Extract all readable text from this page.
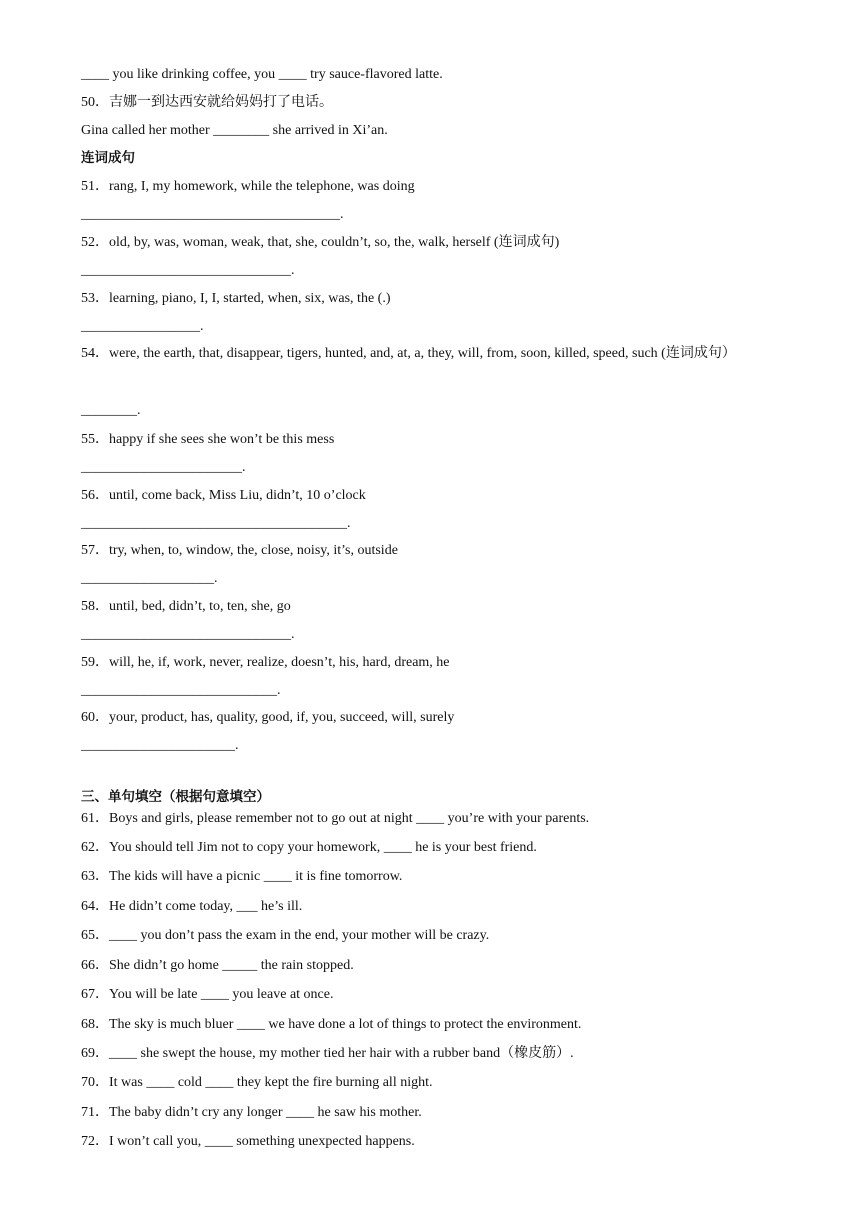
____ you like drinking coffee, you ____ try sauce-flavored latte.
50．吉娜一到达西安就给妈妈打了电话。
Gina called her mother ________ she arrived in Xi’an.
连词成句
51．rang, I, my homework, while the telephone, was doing
_____________________________________.
52．old, by, was, woman, weak, that, she, couldn’t, so, the, walk, herself (连词成句)
______________________________.
53．learning, piano, I, I, started, when, six, was, the (.)
_________________.
54．were, the earth, that, disappear, tigers, hunted, and, at, a, they, will, from, soon, killed, speed, such (连词成句）
________.
55．happy if she sees she won’t be this mess
_______________________.
56．until, come back, Miss Liu, didn’t, 10 o’clock
______________________________________.
57．try, when, to, window, the, close, noisy, it’s, outside
___________________.
58．until, bed, didn’t, to, ten, she, go
______________________________.
59．will, he, if, work, never, realize, doesn’t, his, hard, dream, he
____________________________.
60．your, product, has, quality, good, if, you, succeed, will, surely
______________________.
三、单句填空（根据句意填空）
61．Boys and girls, please remember not to go out at night ____ you’re with your parents.
62．You should tell Jim not to copy your homework, ____ he is your best friend.
63．The kids will have a picnic ____ it is fine tomorrow.
64．He didn’t come today, ___ he’s ill.
65．____ you don’t pass the exam in the end, your mother will be crazy.
66．She didn’t go home _____ the rain stopped.
67．You will be late ____ you leave at once.
68．The sky is much bluer ____ we have done a lot of things to protect the environment.
69．____ she swept the house, my mother tied her hair with a rubber band（橡皮筋）.
70．It was ____ cold ____ they kept the fire burning all night.
71．The baby didn’t cry any longer ____ he saw his mother.
72．I won’t call you, ____ something unexpected happens.
